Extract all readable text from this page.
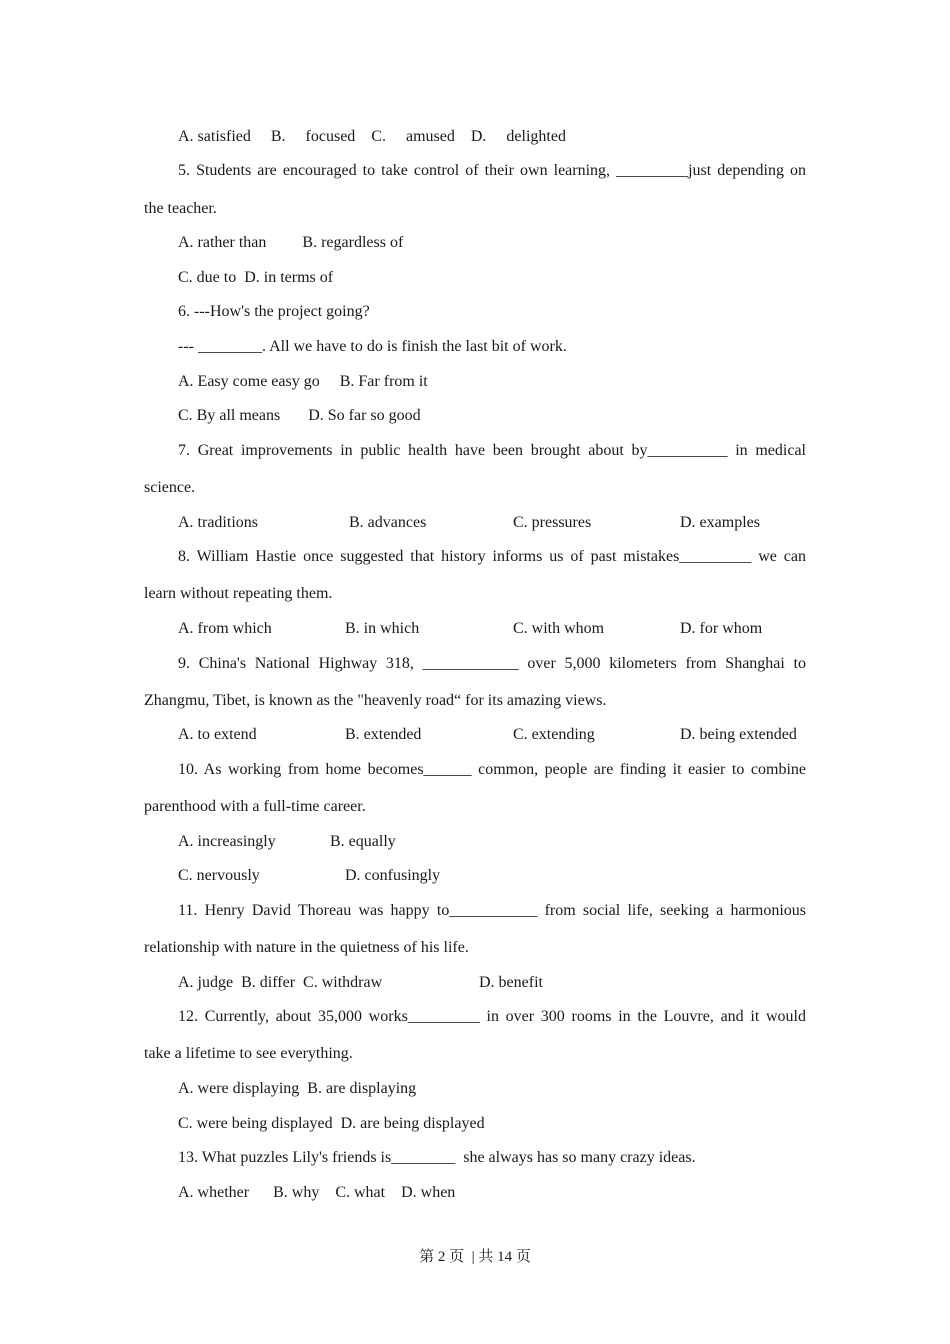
A. satisfied     B.     focused    C.     amused    D.     delighted
5. Students are encouraged to take control of their own learning, _________just depending on
the teacher.
A. rather than         B. regardless of
C. due to  D. in terms of
6. ---How's the project going?
--- ________. All we have to do is finish the last bit of work.
A. Easy come easy go     B. Far from it
C. By all means       D. So far so good
7. Great improvements in public health have been brought about by__________ in medical
science.
A. traditions	B. advances	C. pressures	D. examples
8. William Hastie once suggested that history informs us of past mistakes_________ we can
learn without repeating them.
A. from which	B. in which	C. with whom	D. for whom
9. China's National Highway 318, ____________ over 5,000 kilometers from Shanghai to
Zhangmu, Tibet, is known as the "heavenly road“ for its amazing views.
A. to extend	B. extended	C. extending	D. being extended
10. As working from home becomes______ common, people are finding it easier to combine
parenthood with a full-time career.
A. increasingly	B. equally
C. nervously	D. confusingly
11. Henry David Thoreau was happy to___________ from social life, seeking a harmonious
relationship with nature in the quietness of his life.
A. judge  B. differ  C. withdraw	D. benefit
12. Currently, about 35,000 works_________ in over 300 rooms in the Louvre, and it would
take a lifetime to see everything.
A. were displaying  B. are displaying
C. were being displayed  D. are being displayed
13. What puzzles Lily's friends is________  she always has so many crazy ideas.
A. whether      B. why    C. what    D. when
第 2 页  | 共 14 页
